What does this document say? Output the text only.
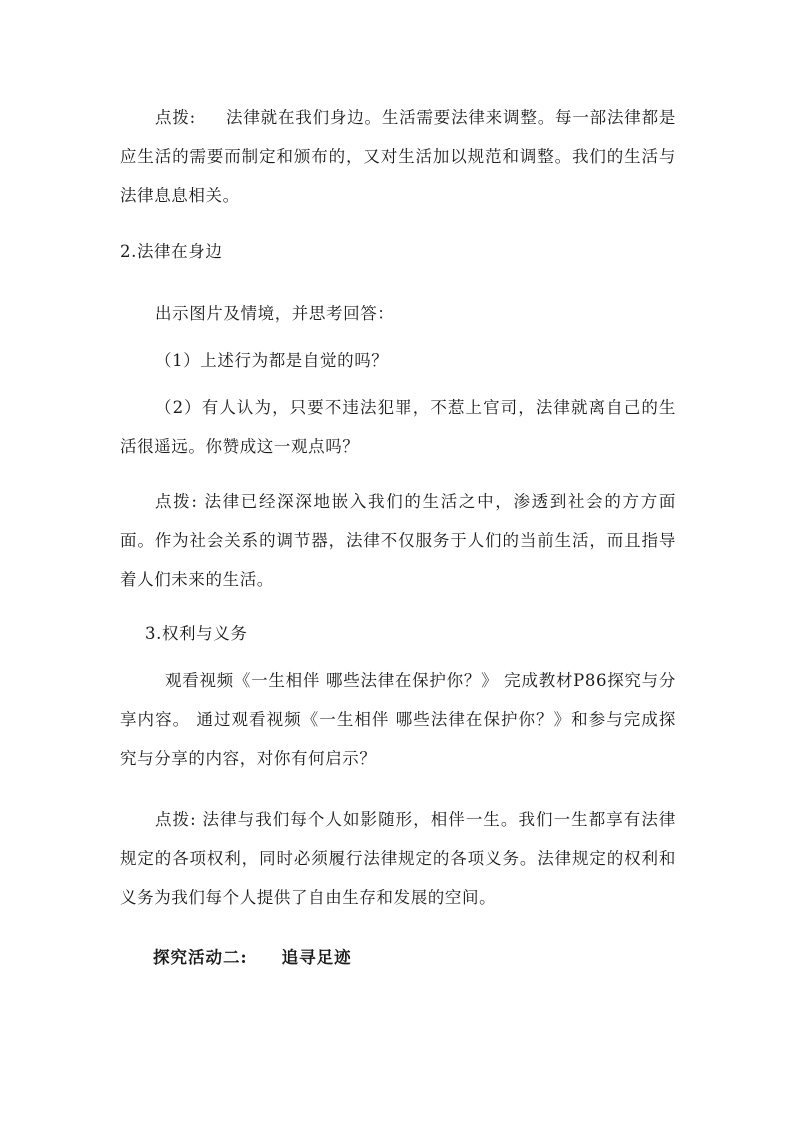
点拨: 法律就在我们身边。生活需要法律来调整。每一部法律都是应生活的需要而制定和颁布的，又对生活加以规范和调整。我们的生活与法律息息相关。

2.法律在身边

出示图片及情境，并思考回答：

（1）上述行为都是自觉的吗？

（2）有人认为，只要不违法犯罪，不惹上官司，法律就离自己的生活很遥远。你赞成这一观点吗？

点拨: 法律已经深深地嵌入我们的生活之中，渗透到社会的方方面面。作为社会关系的调节器，法律不仅服务于人们的当前生活，而且指导着人们未来的生活。

3.权利与义务

观看视频《一生相伴 哪些法律在保护你？》 完成教材P86探究与分享内容。 通过观看视频《一生相伴 哪些法律在保护你？》和参与完成探究与分享的内容，对你有何启示？

点拨: 法律与我们每个人如影随形，相伴一生。我们一生都享有法律规定的各项权利，同时必须履行法律规定的各项义务。法律规定的权利和义务为我们每个人提供了自由生存和发展的空间。

探究活动二: 追寻足迹
